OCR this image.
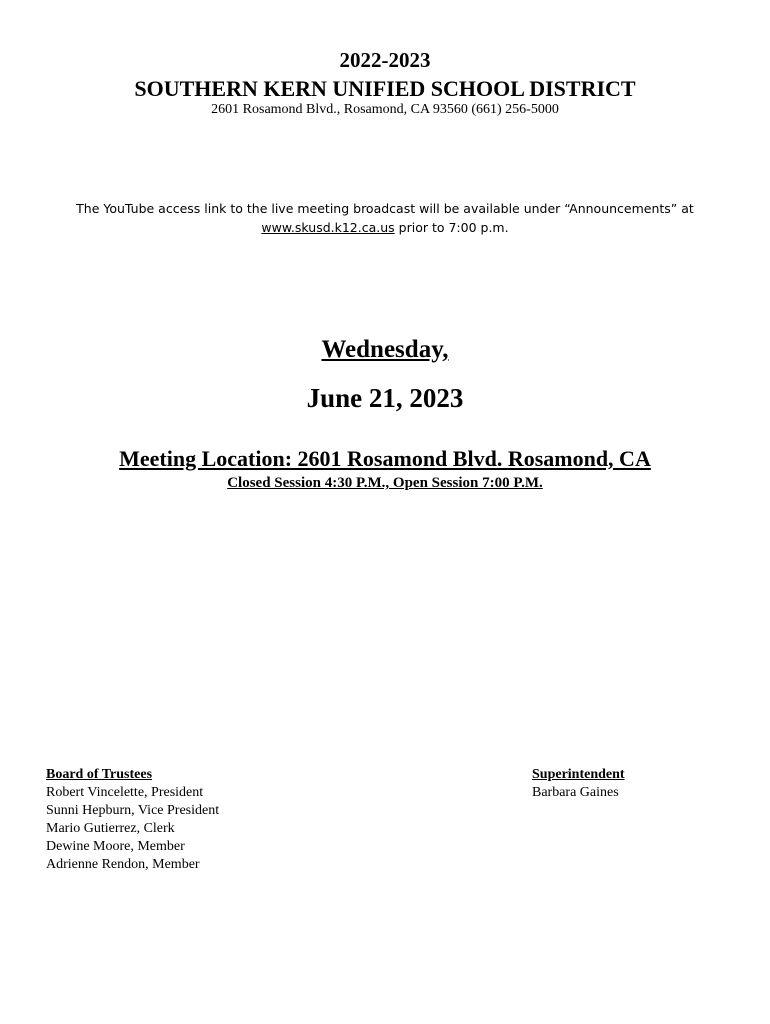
2022-2023
SOUTHERN KERN UNIFIED SCHOOL DISTRICT
2601 Rosamond Blvd., Rosamond, CA 93560 (661) 256-5000
The YouTube access link to the live meeting broadcast will be available under “Announcements” at
www.skusd.k12.ca.us prior to 7:00 p.m.
Wednesday,
June 21, 2023
Meeting Location: 2601 Rosamond Blvd. Rosamond, CA
Closed Session 4:30 P.M., Open Session 7:00 P.M.
Board of Trustees
Robert Vincelette, President
Sunni Hepburn, Vice President
Mario Gutierrez, Clerk
Dewine Moore, Member
Adrienne Rendon, Member
Superintendent
Barbara Gaines
